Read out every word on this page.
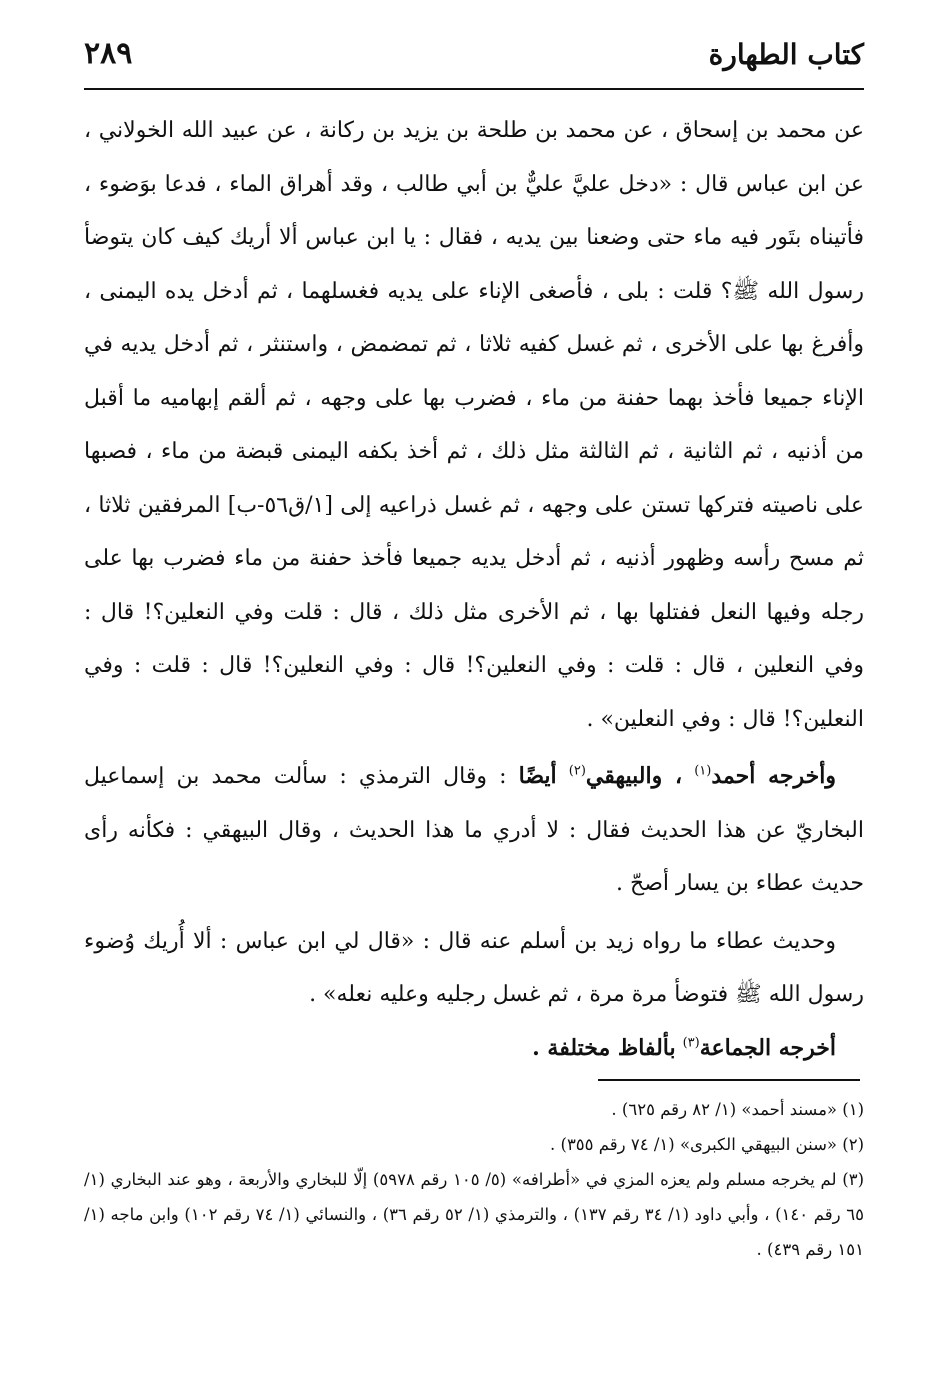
كتاب الطهارة
٢٨٩

عن محمد بن إسحاق ، عن محمد بن طلحة بن يزيد بن ركانة ، عن عبيد الله الخولاني ، عن ابن عباس قال : «دخل عليَّ عليٌّ بن أبي طالب ، وقد أهراق الماء ، فدعا بوَضوء ، فأتيناه بتَور فيه ماء حتى وضعنا بين يديه ، فقال : يا ابن عباس ألا أريك كيف كان يتوضأ رسول الله ﷺ؟ قلت : بلى ، فأصغى الإناء على يديه فغسلهما ، ثم أدخل يده اليمنى ، وأفرغ بها على الأخرى ، ثم غسل كفيه ثلاثا ، ثم تمضمض ، واستنثر ، ثم أدخل يديه في الإناء جميعا فأخذ بهما حفنة من ماء ، فضرب بها على وجهه ، ثم ألقم إبهاميه ما أقبل من أذنيه ، ثم الثانية ، ثم الثالثة مثل ذلك ، ثم أخذ بكفه اليمنى قبضة من ماء ، فصبها على ناصيته فتركها تستن على وجهه ، ثم غسل ذراعيه إلى [١/ق٥٦-ب] المرفقين ثلاثا ، ثم مسح رأسه وظهور أذنيه ، ثم أدخل يديه جميعا فأخذ حفنة من ماء فضرب بها على رجله وفيها النعل ففتلها بها ، ثم الأخرى مثل ذلك ، قال : قلت وفي النعلين؟! قال : وفي النعلين ، قال : قلت : وفي النعلين؟! قال : وفي النعلين؟! قال : قلت : وفي النعلين؟! قال : وفي النعلين» .

وأخرجه أحمد$^{(١)}$ ، والبيهقي$^{(٢)}$ أيضًا : وقال الترمذي : سألت محمد بن إسماعيل البخاريّ عن هذا الحديث فقال : لا أدري ما هذا الحديث ، وقال البيهقي : فكأنه رأى حديث عطاء بن يسار أصحّ .

وحديث عطاء ما رواه زيد بن أسلم عنه قال : «قال لي ابن عباس : ألا أُريك وُضوء رسول الله ﷺ فتوضأ مرة مرة ، ثم غسل رجليه وعليه نعله» .

أخرجه الجماعة$^{(٣)}$ بألفاظ مختلفة .

(١) «مسند أحمد» (١/ ٨٢ رقم ٦٢٥) .

(٢) «سنن البيهقي الكبرى» (١/ ٧٤ رقم ٣٥٥) .

(٣) لم يخرجه مسلم ولم يعزه المزي في «أطرافه» (٥/ ١٠٥ رقم ٥٩٧٨) إلّا للبخاري والأربعة ، وهو عند البخاري (١/ ٦٥ رقم ١٤٠) ، وأبي داود (١/ ٣٤ رقم ١٣٧) ، والترمذي (١/ ٥٢ رقم ٣٦) ، والنسائي (١/ ٧٤ رقم ١٠٢) وابن ماجه (١/ ١٥١ رقم ٤٣٩) .
